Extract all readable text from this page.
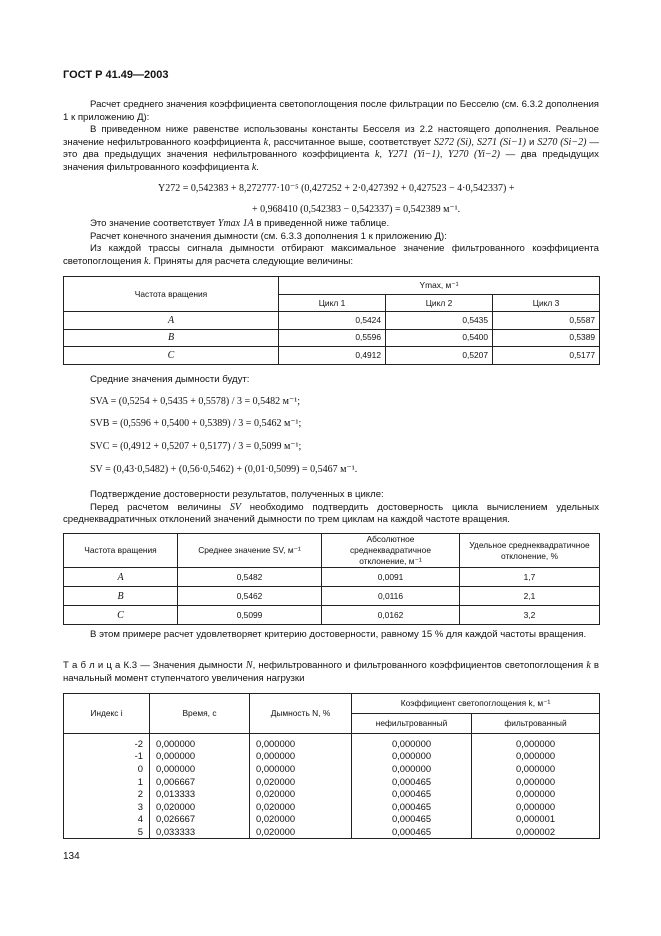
ГОСТ Р 41.49—2003

Расчет среднего значения коэффициента светопоглощения после фильтрации по Бесселю (см. 6.3.2 дополнения 1 к приложению Д):

В приведенном ниже равенстве использованы константы Бесселя из 2.2 настоящего дополнения. Реальное значение нефильтрованного коэффициента k, рассчитанное выше, соответствует S272 (Si), S271 (Si−1) и S270 (Si−2) — это два предыдущих значения нефильтрованного коэффициента k, Y271 (Yi−1), Y270 (Yi−2) — два предыдущих значения фильтрованного коэффициента k.

Y272 = 0,542383 + 8,272777·10⁻⁵ (0,427252 + 2·0,427392 + 0,427523 − 4·0,542337) +
+ 0,968410 (0,542383 − 0,542337) = 0,542389 м⁻¹.

Это значение соответствует Ymax 1A в приведенной ниже таблице.

Расчет конечного значения дымности (см. 6.3.3 дополнения 1 к приложению Д):

Из каждой трассы сигнала дымности отбирают максимальное значение фильтрованного коэффициента светопоглощения k. Приняты для расчета следующие величины:

Частота вращения	Ymax, м⁻¹		
	Цикл 1	Цикл 2	Цикл 3
A	0,5424	0,5435	0,5587
B	0,5596	0,5400	0,5389
C	0,4912	0,5207	0,5177

Средние значения дымности будут:

SVA = (0,5254 + 0,5435 + 0,5578) / 3 = 0,5482 м⁻¹;
SVB = (0,5596 + 0,5400 + 0,5389) / 3 = 0,5462 м⁻¹;
SVC = (0,4912 + 0,5207 + 0,5177) / 3 = 0,5099 м⁻¹;
SV = (0,43·0,5482) + (0,56·0,5462) + (0,01·0,5099) = 0,5467 м⁻¹.

Подтверждение достоверности результатов, полученных в цикле:

Перед расчетом величины SV необходимо подтвердить достоверность цикла вычислением удельных среднеквадратичных отклонений значений дымности по трем циклам на каждой частоте вращения.

Частота вращения	Среднее значение SV, м⁻¹	Абсолютное среднеквадратичное отклонение, м⁻¹	Удельное среднеквадратичное отклонение, %
A	0,5482	0,0091	1,7
B	0,5462	0,0116	2,1
C	0,5099	0,0162	3,2

В этом примере расчет удовлетворяет критерию достоверности, равному 15 % для каждой частоты вращения.

Т а б л и ц а К.3 — Значения дымности N, нефильтрованного и фильтрованного коэффициентов светопоглощения k в начальный момент ступенчатого увеличения нагрузки

Индекс i	Время, с	Дымность N, %	Коэффициент светопоглощения k, м⁻¹	
			нефильтрованный	фильтрованный
-2	0,000000	0,000000	0,000000	0,000000
-1	0,000000	0,000000	0,000000	0,000000
0	0,000000	0,000000	0,000000	0,000000
1	0,006667	0,020000	0,000465	0,000000
2	0,013333	0,020000	0,000465	0,000000
3	0,020000	0,020000	0,000465	0,000000
4	0,026667	0,020000	0,000465	0,000001
5	0,033333	0,020000	0,000465	0,000002
134
